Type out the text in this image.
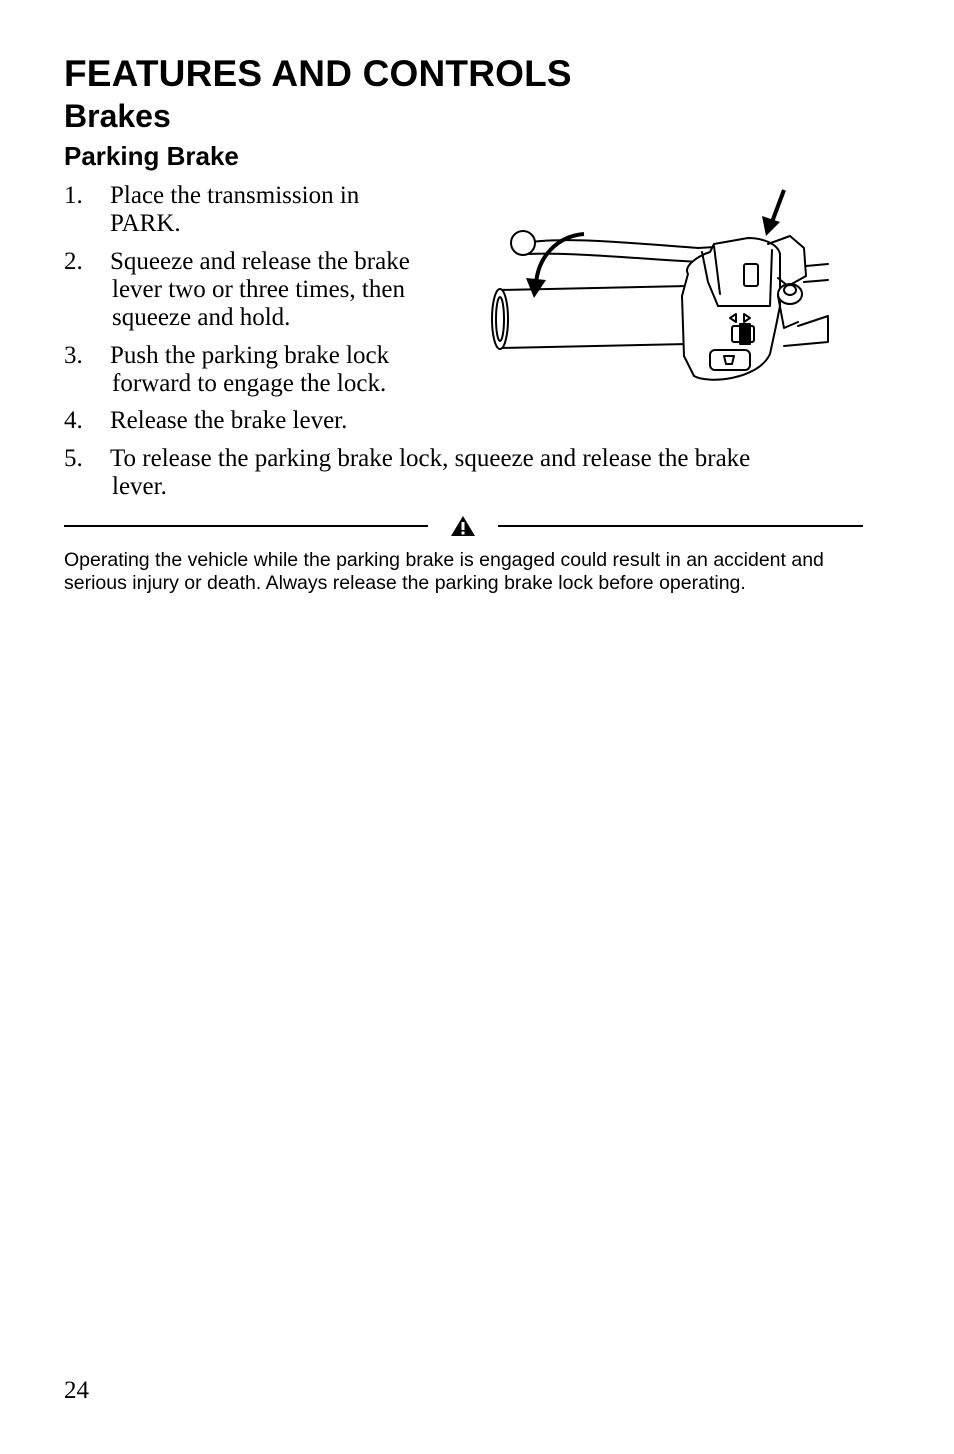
FEATURES AND CONTROLS
Brakes
Parking Brake
1. Place the transmission in
PARK.
2. Squeeze and release the brake
lever two or three times, then
squeeze and hold.
3. Push the parking brake lock
forward to engage the lock.
4. Release the brake lever.
5. To release the parking brake lock, squeeze and release the brake
lever.

Operating the vehicle while the parking brake is engaged could result in an accident and serious injury or death. Always release the parking brake lock before operating.

24
